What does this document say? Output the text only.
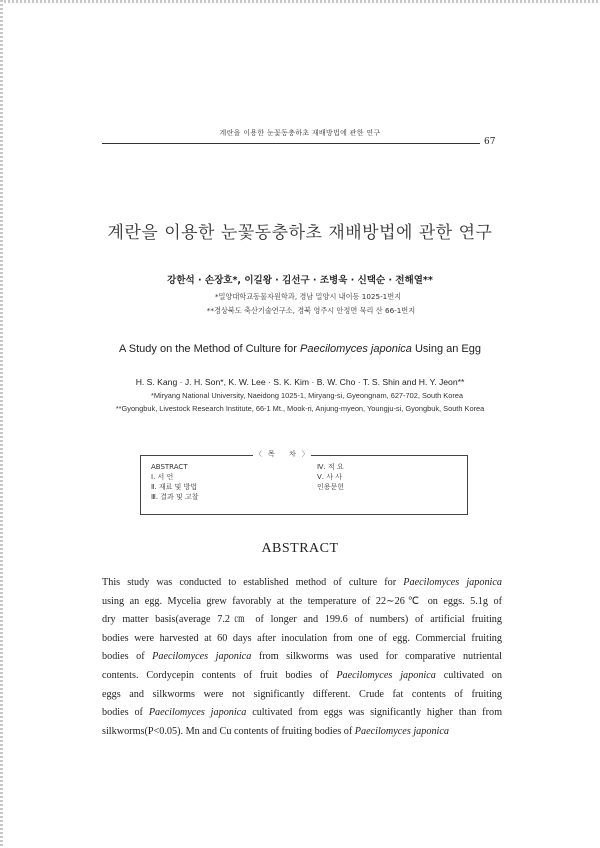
계란을 이용한 눈꽃동충하초 재배방법에 관한 연구
67
계란을 이용한 눈꽃동충하초 재배방법에 관한 연구
강한석 · 손장호*, 이길왕 · 김선구 · 조병욱 · 신택순 · 전해열**
*밀양대학교동물자원학과, 경남 밀양시 내이동 1025-1번지
**경상북도 축산기술연구소, 경북 영주시 안정면 묵리 산 66-1번지
A Study on the Method of Culture for Paecilomyces japonica Using an Egg
H. S. Kang · J. H. Son*, K. W. Lee · S. K. Kim · B. W. Cho · T. S. Shin and H. Y. Jeon**
*Miryang National University, Naeidong 1025-1, Miryang-si, Gyeongnam, 627-702, South Korea
**Gyongbuk, Livestock Research Institute, 66-1 Mt., Mook-ri, Anjung-myeon, Youngju-si, Gyongbuk, South Korea
〈 목 차 〉
ABSTRACT
Ⅰ. 서 언
Ⅱ. 재료 및 방법
Ⅲ. 결과 및 고찰
Ⅳ. 적 요
Ⅴ. 사 사
인용문헌
ABSTRACT
This study was conducted to established method of culture for Paecilomyces japonica
using an egg. Mycelia grew favorably at the temperature of 22∼26℃ on eggs. 5.1g of
dry matter basis(average 7.2㎝ of longer and 199.6 of numbers) of artificial fruiting
bodies were harvested at 60 days after inoculation from one of egg. Commercial fruiting
bodies of Paecilomyces japonica from silkworms was used for comparative nutriental
contents. Cordycepin contents of fruit bodies of Paecilomyces japonica cultivated on
eggs and silkworms were not significantly different. Crude fat contents of fruiting
bodies of Paecilomyces japonica cultivated from eggs was significantly higher than from
silkworms(P<0.05). Mn and Cu contents of fruiting bodies of Paecilomyces japonica
